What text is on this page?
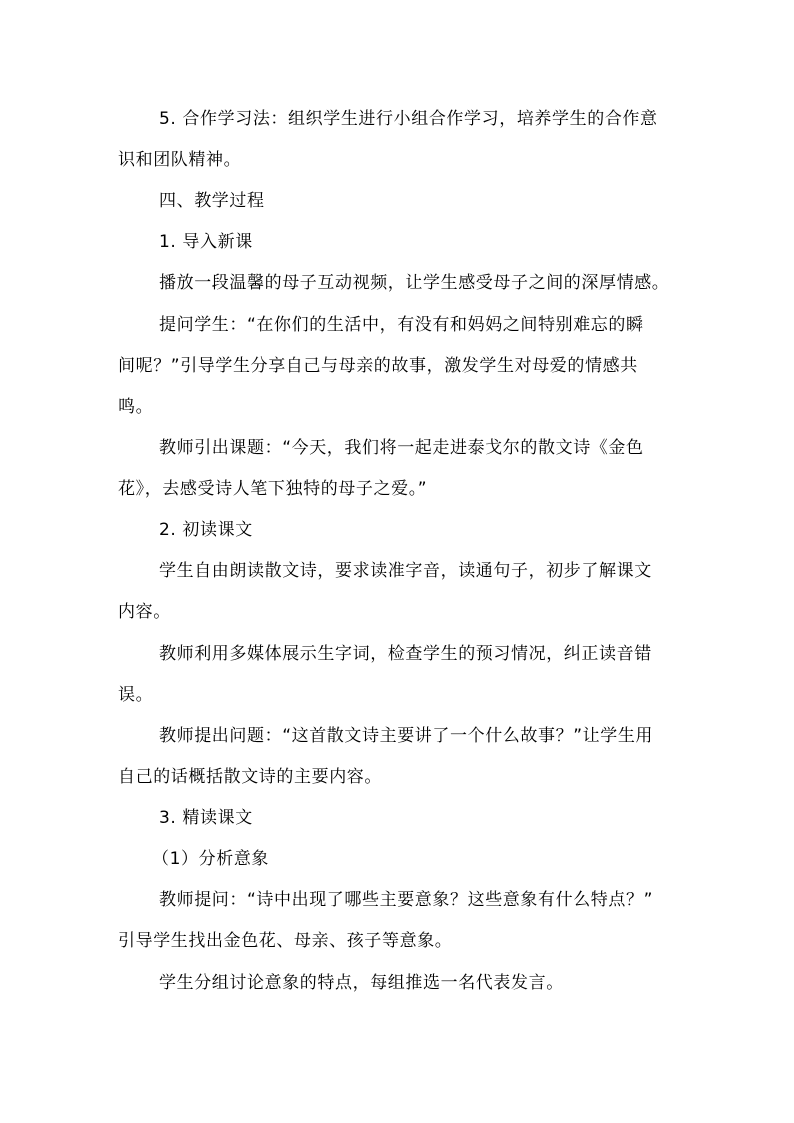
5. 合作学习法：组织学生进行小组合作学习，培养学生的合作意
识和团队精神。
四、教学过程
1. 导入新课
播放一段温馨的母子互动视频，让学生感受母子之间的深厚情感。
提问学生：“在你们的生活中，有没有和妈妈之间特别难忘的瞬
间呢？”引导学生分享自己与母亲的故事，激发学生对母爱的情感共
鸣。
教师引出课题：“今天，我们将一起走进泰戈尔的散文诗《金色
花》，去感受诗人笔下独特的母子之爱。”
2. 初读课文
学生自由朗读散文诗，要求读准字音，读通句子，初步了解课文
内容。
教师利用多媒体展示生字词，检查学生的预习情况，纠正读音错
误。
教师提出问题：“这首散文诗主要讲了一个什么故事？”让学生用
自己的话概括散文诗的主要内容。
3. 精读课文
（1）分析意象
教师提问：“诗中出现了哪些主要意象？这些意象有什么特点？”
引导学生找出金色花、母亲、孩子等意象。
学生分组讨论意象的特点，每组推选一名代表发言。
